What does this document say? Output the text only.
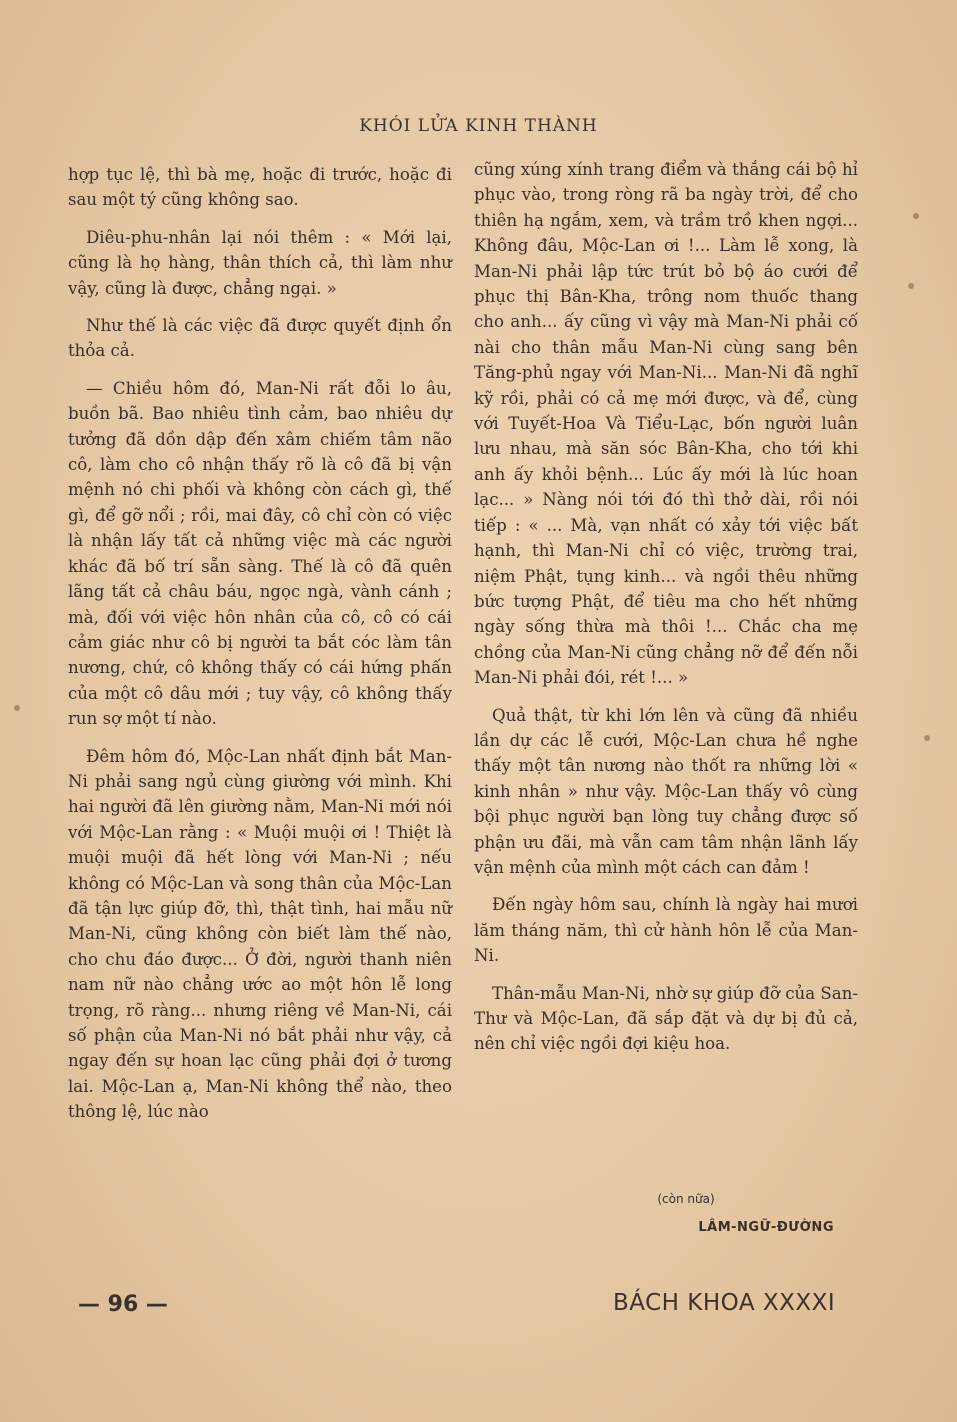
KHÓI LỬA KINH THÀNH

hợp tục lệ, thì bà mẹ, hoặc đi trước, hoặc đi sau một tý cũng không sao.

Diêu-phu-nhân lại nói thêm : « Mới lại, cũng là họ hàng, thân thích cả, thì làm như vậy, cũng là được, chẳng ngại. »

Như thế là các việc đã được quyết định ổn thỏa cả.

— Chiều hôm đó, Man-Ni rất đỗi lo âu, buồn bã. Bao nhiêu tình cảm, bao nhiêu dự tưởng đã dồn dập đến xâm chiếm tâm não cô, làm cho cô nhận thấy rõ là cô đã bị vận mệnh nó chi phối và không còn cách gì, thế gì, để gỡ nổi ; rồi, mai đây, cô chỉ còn có việc là nhận lấy tất cả những việc mà các người khác đã bố trí sẵn sàng. Thế là cô đã quên lãng tất cả châu báu, ngọc ngà, vành cánh ; mà, đối với việc hôn nhân của cô, cô có cái cảm giác như cô bị người ta bắt cóc làm tân nương, chứ, cô không thấy có cái hứng phấn của một cô dâu mới ; tuy vậy, cô không thấy run sợ một tí nào.

Đêm hôm đó, Mộc-Lan nhất định bắt Man-Ni phải sang ngủ cùng giường với mình. Khi hai người đã lên giường nằm, Man-Ni mới nói với Mộc-Lan rằng : « Muội muội ơi ! Thiệt là muội muội đã hết lòng với Man-Ni ; nếu không có Mộc-Lan và song thân của Mộc-Lan đã tận lực giúp đỡ, thì, thật tình, hai mẫu nữ Man-Ni, cũng không còn biết làm thế nào, cho chu đáo được... Ở đời, người thanh niên nam nữ nào chẳng ước ao một hôn lễ long trọng, rõ ràng... nhưng riêng về Man-Ni, cái số phận của Man-Ni nó bắt phải như vậy, cả ngay đến sự hoan lạc cũng phải đợi ở tương lai. Mộc-Lan ạ, Man-Ni không thể nào, theo thông lệ, lúc nào

cũng xúng xính trang điểm và thắng cái bộ hỉ phục vào, trong ròng rã ba ngày trời, để cho thiên hạ ngắm, xem, và trầm trồ khen ngợi... Không đâu, Mộc-Lan ơi !... Làm lễ xong, là Man-Ni phải lập tức trút bỏ bộ áo cưới để phục thị Bân-Kha, trông nom thuốc thang cho anh... ấy cũng vì vậy mà Man-Ni phải cố nài cho thân mẫu Man-Ni cùng sang bên Tăng-phủ ngay với Man-Ni... Man-Ni đã nghĩ kỹ rồi, phải có cả mẹ mới được, và để, cùng với Tuyết-Hoa Và Tiểu-Lạc, bốn người luân lưu nhau, mà săn sóc Bân-Kha, cho tới khi anh ấy khỏi bệnh... Lúc ấy mới là lúc hoan lạc... » Nàng nói tới đó thì thở dài, rồi nói tiếp : « ... Mà, vạn nhất có xảy tới việc bất hạnh, thì Man-Ni chỉ có việc, trường trai, niệm Phật, tụng kinh... và ngồi thêu những bức tượng Phật, để tiêu ma cho hết những ngày sống thừa mà thôi !... Chắc cha mẹ chồng của Man-Ni cũng chẳng nỡ để đến nỗi Man-Ni phải đói, rét !... »

Quả thật, từ khi lớn lên và cũng đã nhiều lần dự các lễ cưới, Mộc-Lan chưa hề nghe thấy một tân nương nào thốt ra những lời « kinh nhân » như vậy. Mộc-Lan thấy vô cùng bội phục người bạn lòng tuy chẳng được số phận ưu đãi, mà vẫn cam tâm nhận lãnh lấy vận mệnh của mình một cách can đảm !

Đến ngày hôm sau, chính là ngày hai mươi lăm tháng năm, thì cử hành hôn lễ của Man-Ni.

Thân-mẫu Man-Ni, nhờ sự giúp đỡ của San-Thư và Mộc-Lan, đã sắp đặt và dự bị đủ cả, nên chỉ việc ngồi đợi kiệu hoa.

(còn nữa)
LÂM-NGỮ-ĐƯỜNG
— 96 —	BÁCH KHOA XXXXI
